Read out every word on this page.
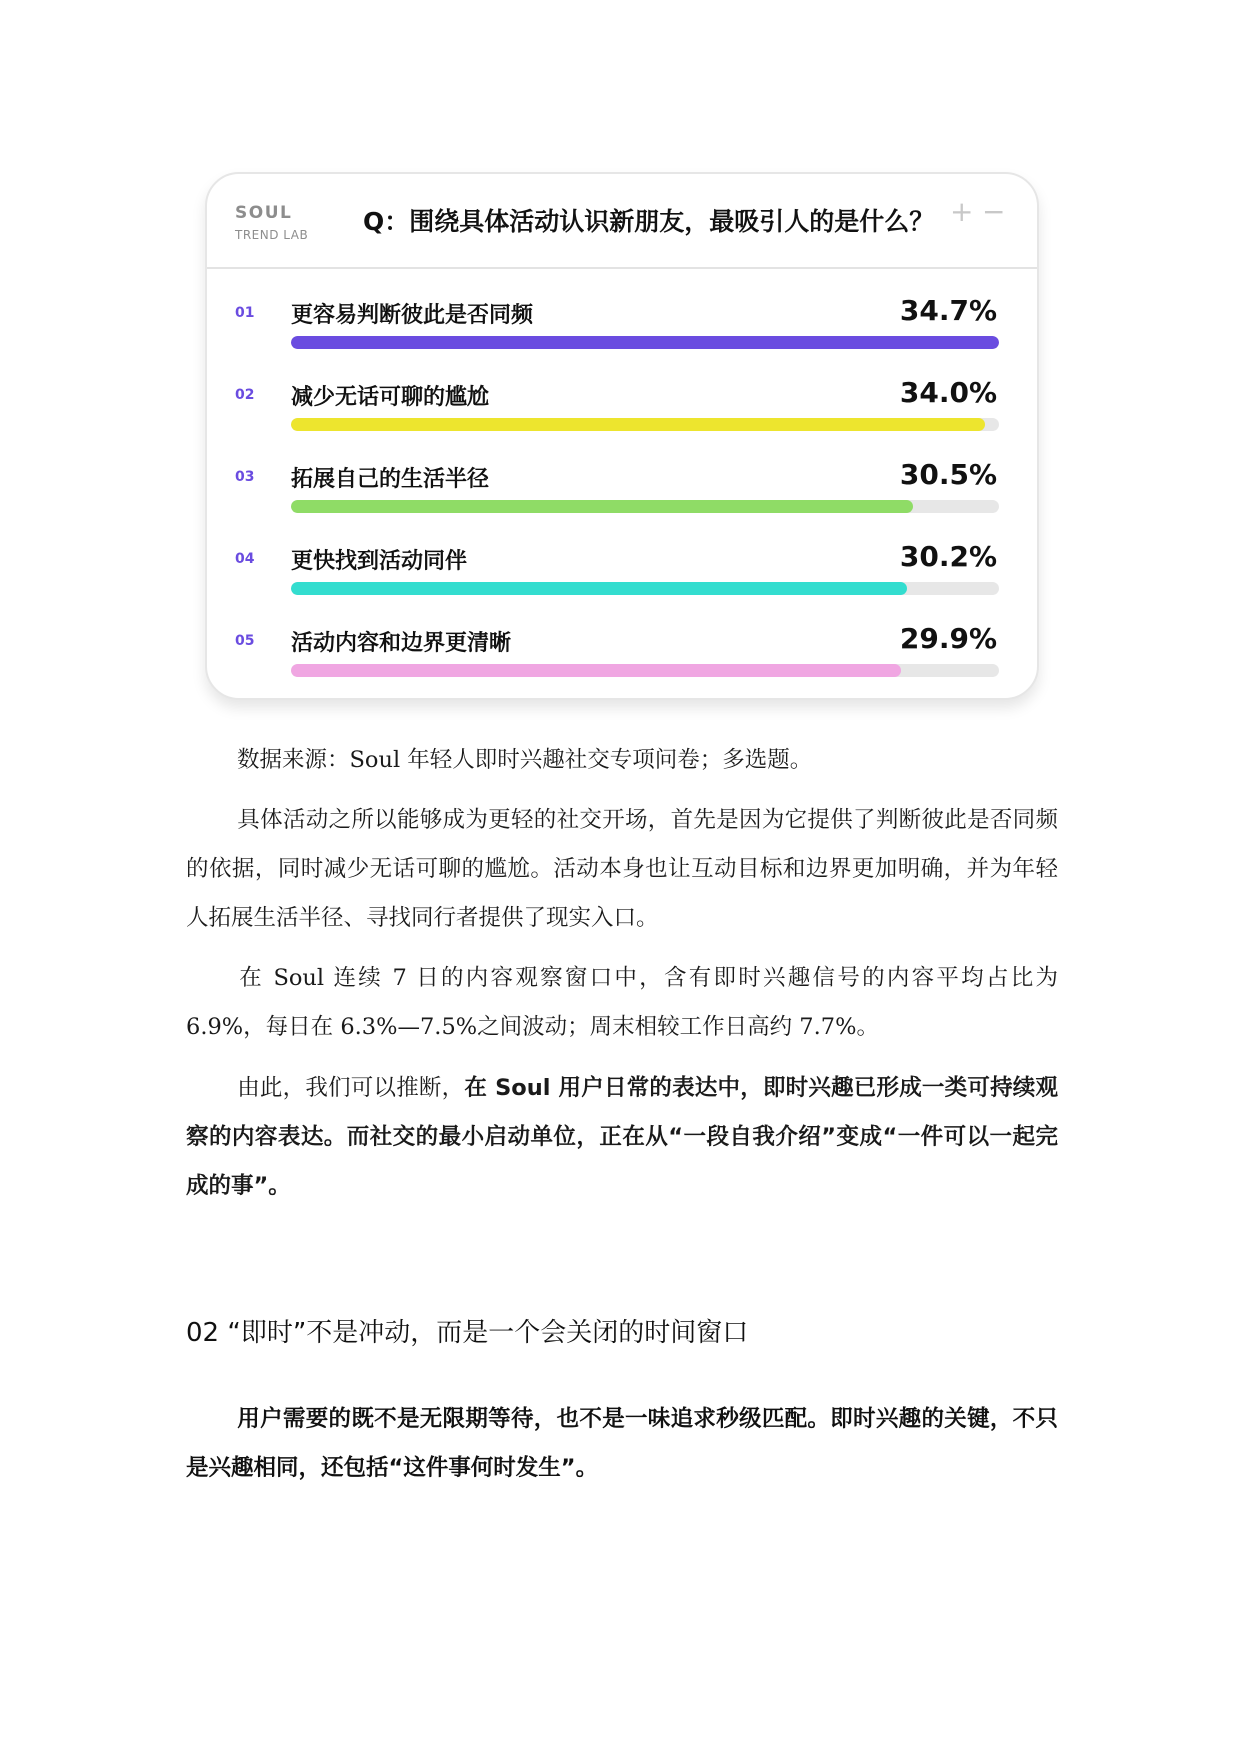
SOUL
TREND LAB Q：围绕具体活动认识新朋友，最吸引人的是什么？ + −
01 更容易判断彼此是否同频	34.7%
02 减少无话可聊的尴尬	34.0%
03 拓展自己的生活半径	30.5%
04 更快找到活动同伴	30.2%
05 活动内容和边界更清晰	29.9%
数据来源：Soul 年轻人即时兴趣社交专项问卷；多选题。
具体活动之所以能够成为更轻的社交开场，首先是因为它提供了判断彼此是否同频的依据，同时减少无话可聊的尴尬。活动本身也让互动目标和边界更加明确，并为年轻人拓展生活半径、寻找同行者提供了现实入口。
在 Soul 连续 7 日的内容观察窗口中，含有即时兴趣信号的内容平均占比为 6.9%，每日在 6.3%—7.5%之间波动；周末相较工作日高约 7.7%。
由此，我们可以推断，在 Soul 用户日常的表达中，即时兴趣已形成一类可持续观察的内容表达。而社交的最小启动单位，正在从“一段自我介绍”变成“一件可以一起完成的事”。
02 “即时”不是冲动，而是一个会关闭的时间窗口
用户需要的既不是无限期等待，也不是一味追求秒级匹配。即时兴趣的关键，不只是兴趣相同，还包括“这件事何时发生”。
